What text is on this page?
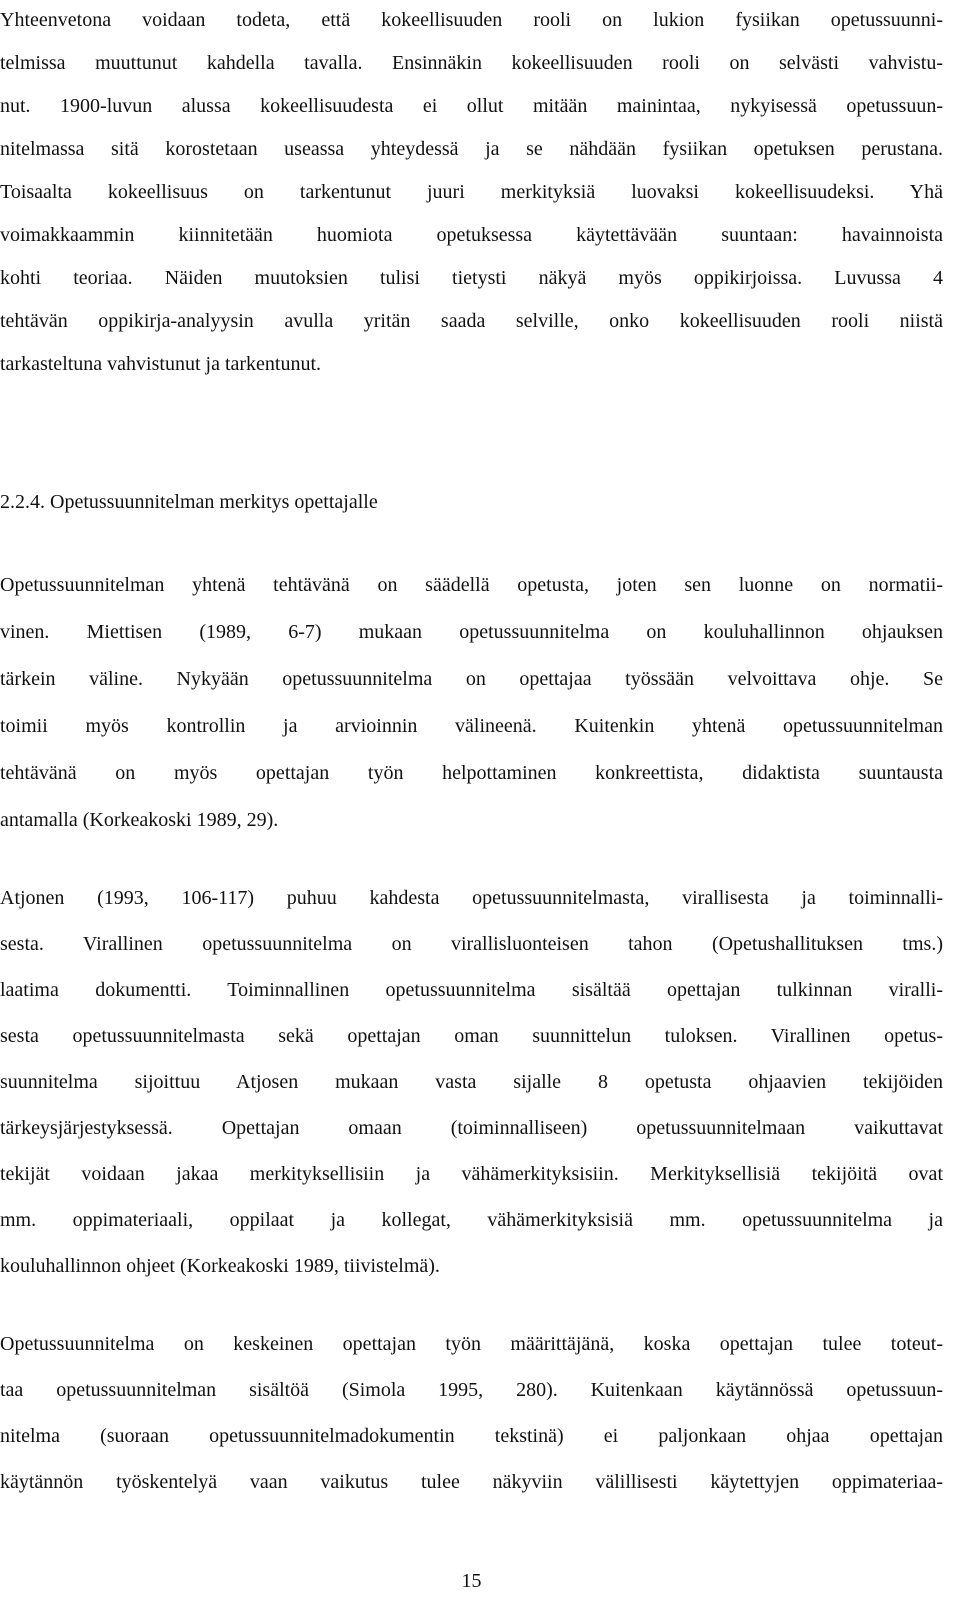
Yhteenvetona voidaan todeta, että kokeellisuuden rooli on lukion fysiikan opetussuunni-
telmissa muuttunut kahdella tavalla. Ensinnäkin kokeellisuuden rooli on selvästi vahvistu-
nut. 1900-luvun alussa kokeellisuudesta ei ollut mitään mainintaa, nykyisessä opetussuun-
nitelmassa sitä korostetaan useassa yhteydessä ja se nähdään fysiikan opetuksen perustana.
Toisaalta kokeellisuus on tarkentunut juuri merkityksiä luovaksi kokeellisuudeksi. Yhä
voimakkaammin kiinnitetään huomiota opetuksessa käytettävään suuntaan: havainnoista
kohti teoriaa. Näiden muutoksien tulisi tietysti näkyä myös oppikirjoissa. Luvussa 4
tehtävän oppikirja-analyysin avulla yritän saada selville, onko kokeellisuuden rooli niistä
tarkasteltuna vahvistunut ja tarkentunut.
2.2.4. Opetussuunnitelman merkitys opettajalle
Opetussuunnitelman yhtenä tehtävänä on säädellä opetusta, joten sen luonne on normatii-
vinen. Miettisen (1989, 6-7) mukaan opetussuunnitelma on kouluhallinnon ohjauksen
tärkein väline. Nykyään opetussuunnitelma on opettajaa työssään velvoittava ohje. Se
toimii myös kontrollin ja arvioinnin välineenä. Kuitenkin yhtenä opetussuunnitelman
tehtävänä on myös opettajan työn helpottaminen konkreettista, didaktista suuntausta
antamalla (Korkeakoski 1989, 29).
Atjonen (1993, 106-117) puhuu kahdesta opetussuunnitelmasta, virallisesta ja toiminnalli-
sesta. Virallinen opetussuunnitelma on virallisluonteisen tahon (Opetushallituksen tms.)
laatima dokumentti. Toiminnallinen opetussuunnitelma sisältää opettajan tulkinnan viralli-
sesta opetussuunnitelmasta sekä opettajan oman suunnittelun tuloksen. Virallinen opetus-
suunnitelma sijoittuu Atjosen mukaan vasta sijalle 8 opetusta ohjaavien tekijöiden
tärkeysjärjestyksessä. Opettajan omaan (toiminnalliseen) opetussuunnitelmaan vaikuttavat
tekijät voidaan jakaa merkityksellisiin ja vähämerkityksisiin. Merkityksellisiä tekijöitä ovat
mm. oppimateriaali, oppilaat ja kollegat, vähämerkityksisiä mm. opetussuunnitelma ja
kouluhallinnon ohjeet (Korkeakoski 1989, tiivistelmä).
Opetussuunnitelma on keskeinen opettajan työn määrittäjänä, koska opettajan tulee toteut-
taa opetussuunnitelman sisältöä (Simola 1995, 280). Kuitenkaan käytännössä opetussuun-
nitelma (suoraan opetussuunnitelmadokumentin tekstinä) ei paljonkaan ohjaa opettajan
käytännön työskentelyä vaan vaikutus tulee näkyviin välillisesti käytettyjen oppimateriaa-
15
